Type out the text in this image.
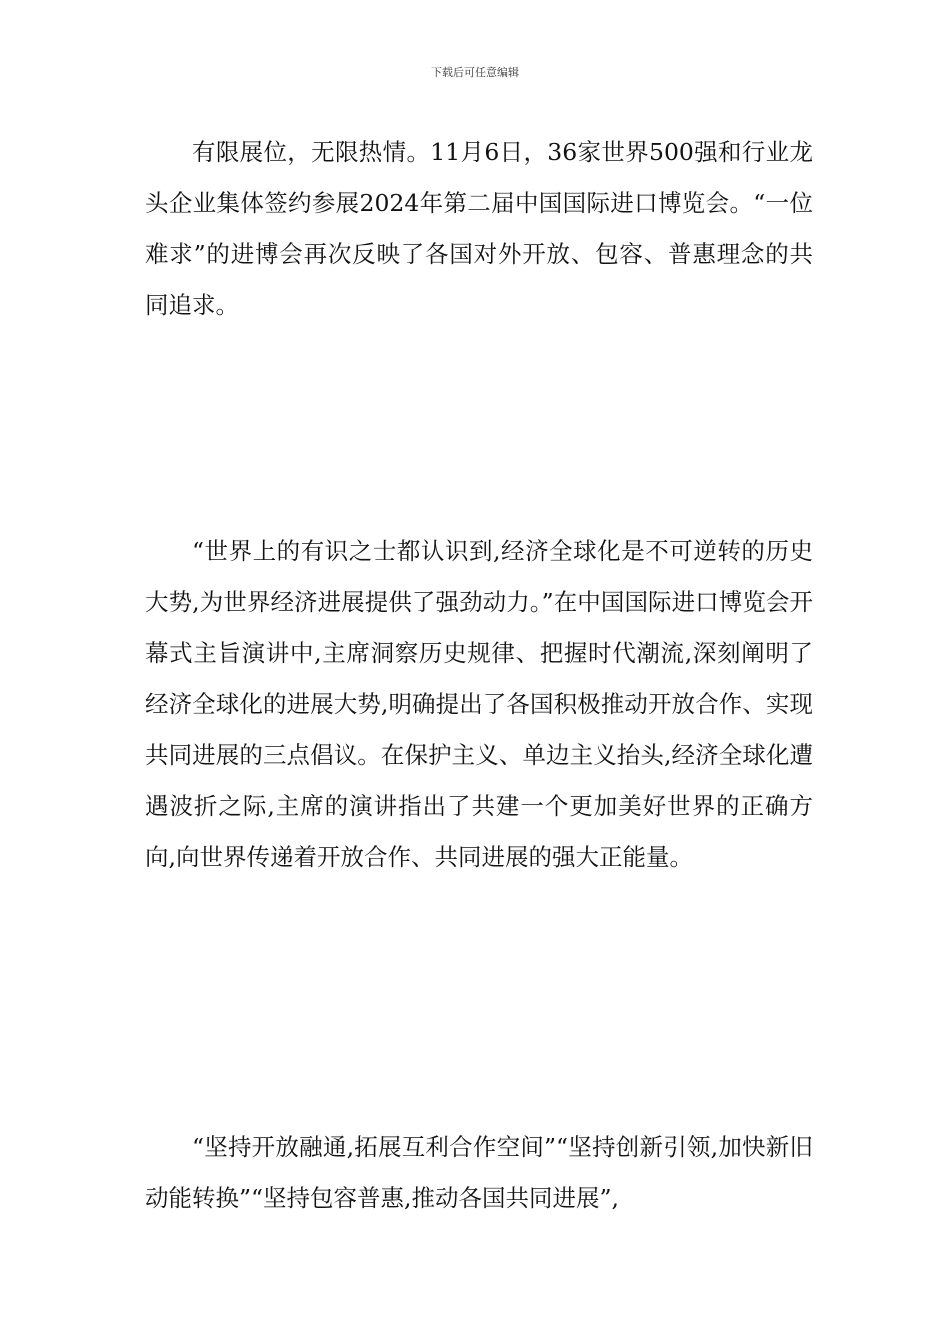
下载后可任意编辑

有限展位，无限热情。11月6日，36家世界500强和行业龙头企业集体签约参展2024年第二届中国国际进口博览会。“一位难求”的进博会再次反映了各国对外开放、包容、普惠理念的共同追求。

“世界上的有识之士都认识到,经济全球化是不可逆转的历史大势,为世界经济进展提供了强劲动力。”在中国国际进口博览会开幕式主旨演讲中,主席洞察历史规律、把握时代潮流,深刻阐明了经济全球化的进展大势,明确提出了各国积极推动开放合作、实现共同进展的三点倡议。在保护主义、单边主义抬头,经济全球化遭遇波折之际,主席的演讲指出了共建一个更加美好世界的正确方向,向世界传递着开放合作、共同进展的强大正能量。

“坚持开放融通,拓展互利合作空间”“坚持创新引领,加快新旧动能转换”“坚持包容普惠,推动各国共同进展”,
